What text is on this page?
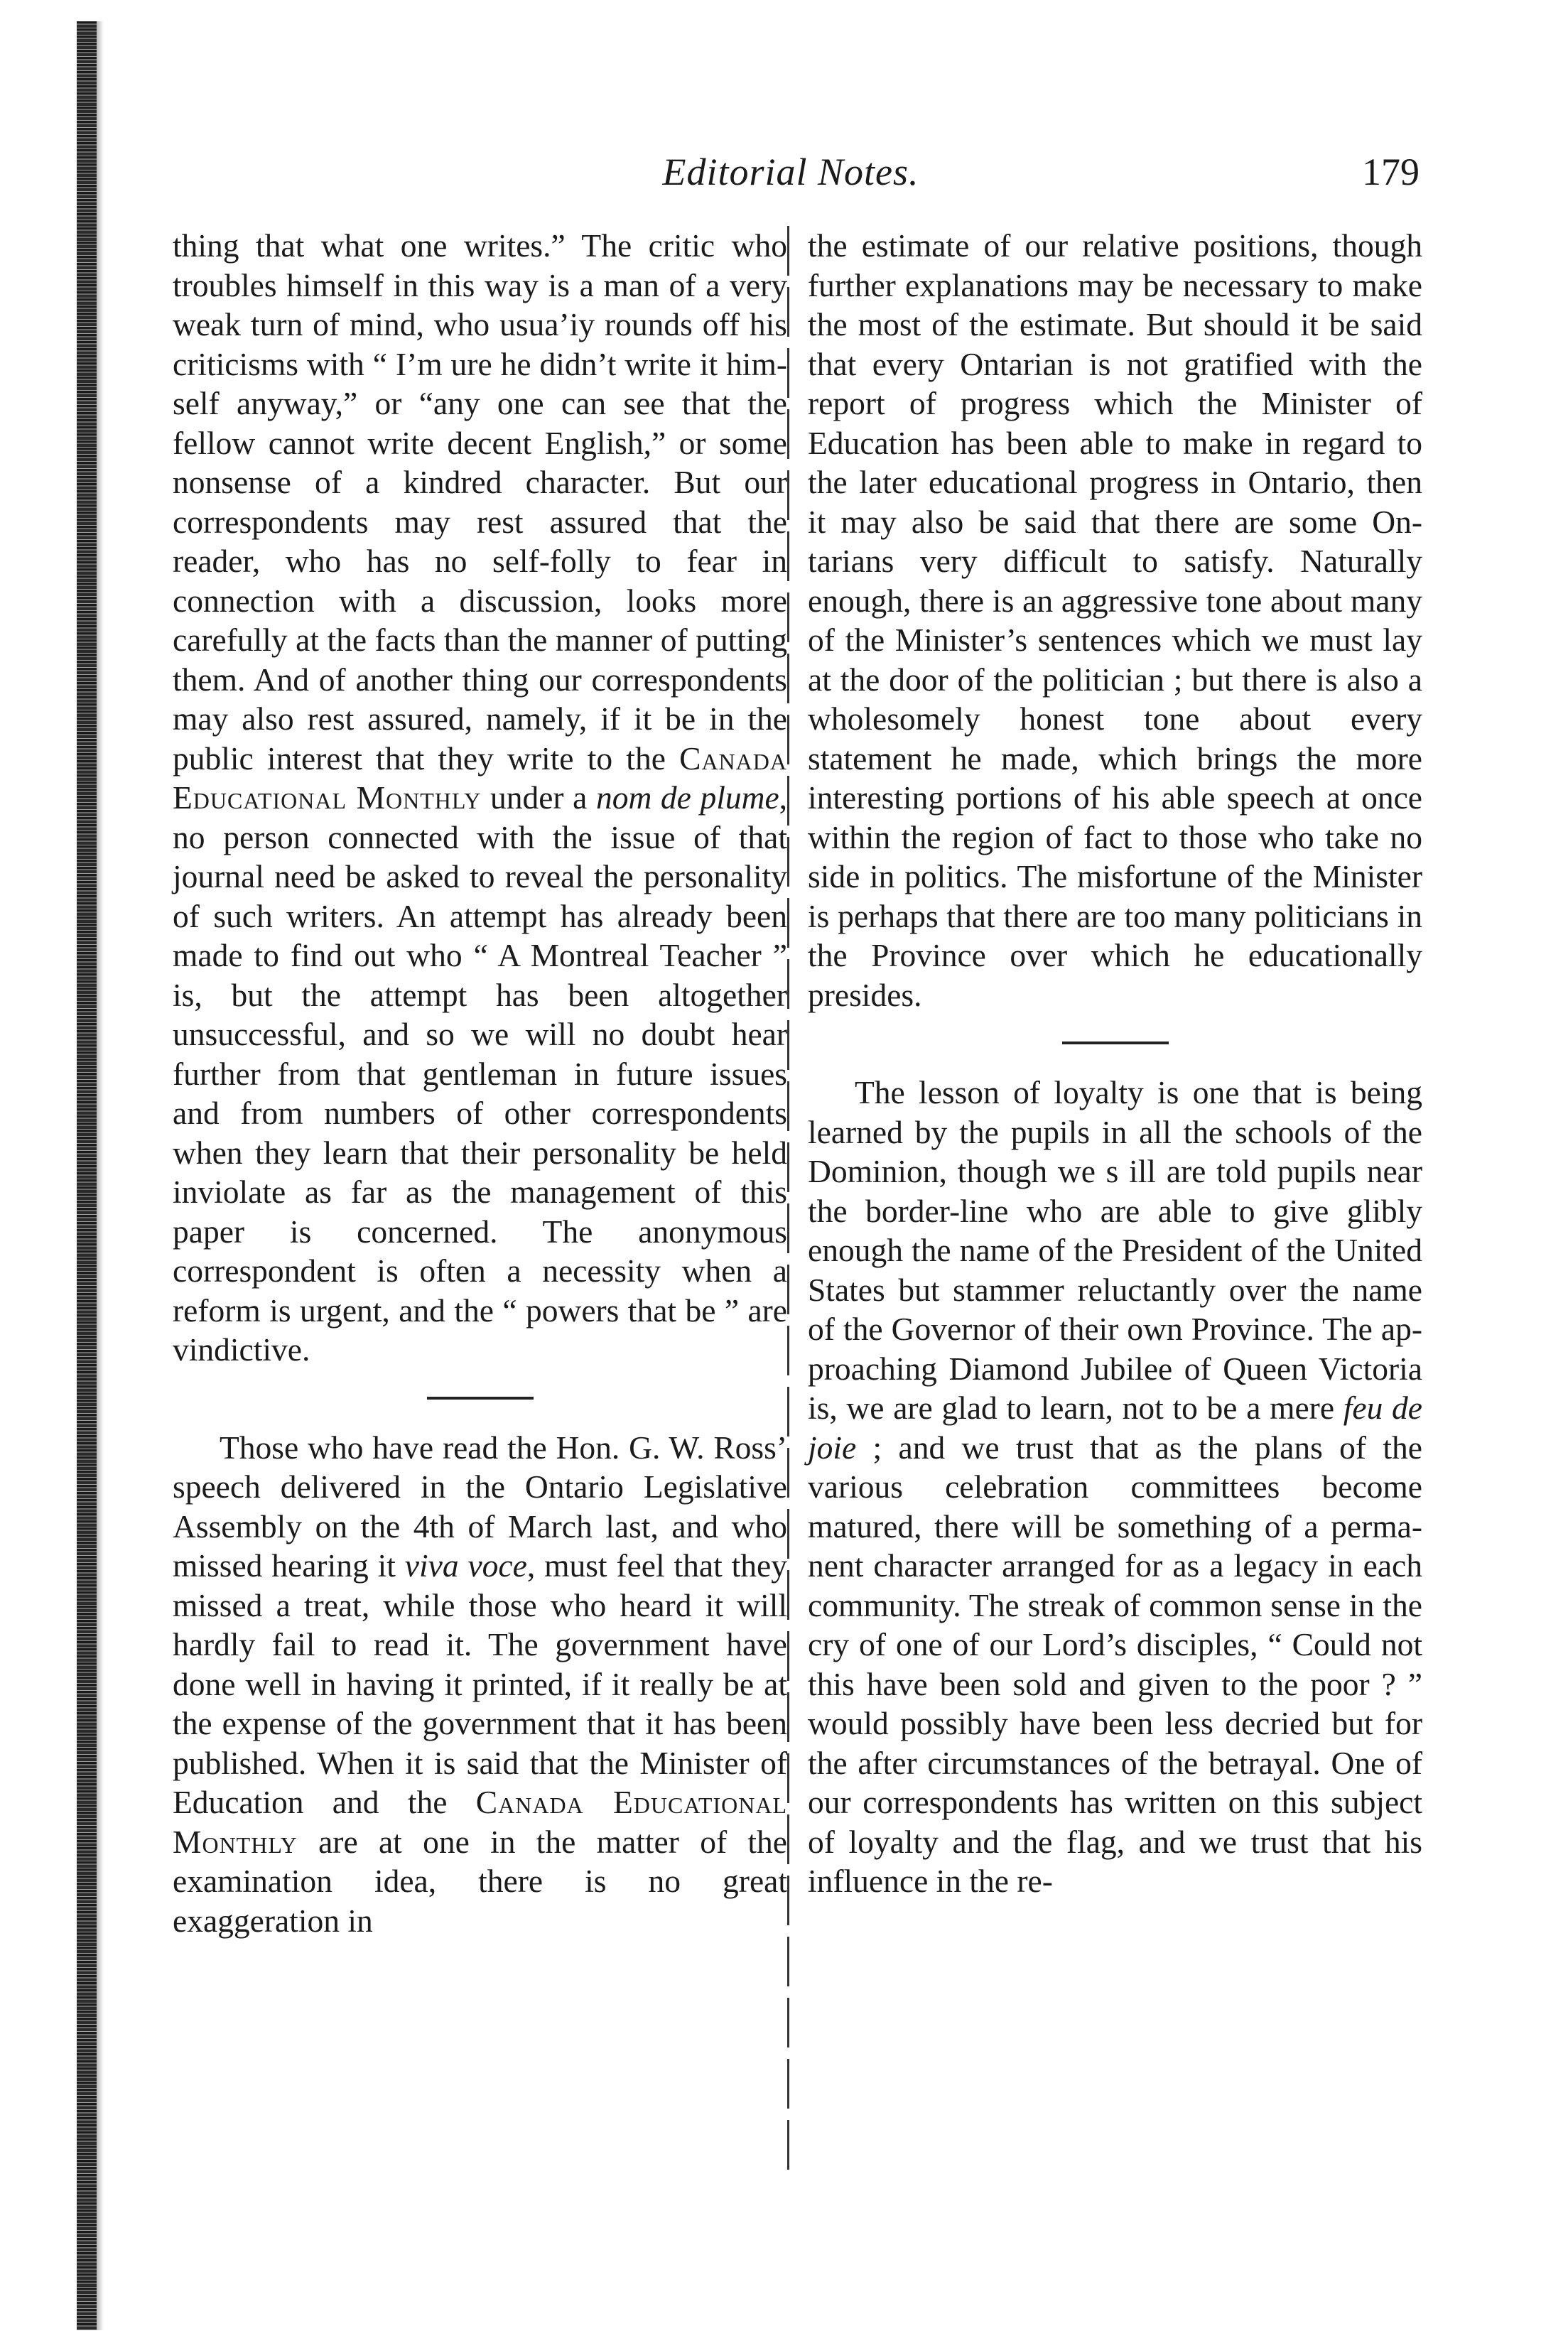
Editorial Notes.	179

thing that what one writes.” The critic who troubles himself in this way is a man of a very weak turn of mind, who usua’iy rounds off his criticisms with “ I’m ure he didn’t write it himself anyway,” or “any one can see that the fellow cannot write decent English,” or some nonsense of a kindred character. But our correspondents may rest assured that the reader, who has no self-folly to fear in connection with a discussion, looks more carefully at the facts than the manner of putting them. And of another thing our correspondents may also rest assured, namely, if it be in the public interest that they write to the Canada Educational Monthly under a nom de plume, no person connected with the issue of that journal need be asked to reveal the personality of such writers. An attempt has already been made to find out who “ A Montreal Teacher ” is, but the attempt has been altogether unsuccessful, and so we will no doubt hear further from that gentleman in future issues and from numbers of other correspondents when they learn that their personality be held inviolate as far as the management of this paper is concerned. The anonymous correspondent is often a necessity when a reform is urgent, and the “ powers that be ” are vindictive.

Those who have read the Hon. G. W. Ross’ speech delivered in the Ontario Legislative Assembly on the 4th of March last, and who missed hearing it viva voce, must feel that they missed a treat, while those who heard it will hardly fail to read it. The government have done well in having it printed, if it really be at the expense of the government that it has been published. When it is said that the Minister of Education and the Canada Educational Monthly are at one in the matter of the examination idea, there is no great exaggeration in

the estimate of our relative positions, though further explanations may be necessary to make the most of the estimate. But should it be said that every Ontarian is not gratified with the report of progress which the Minister of Education has been able to make in regard to the later educational progress in Ontario, then it may also be said that there are some Ontarians very difficult to satisfy. Naturally enough, there is an aggressive tone about many of the Minister’s sentences which we must lay at the door of the politician ; but there is also a wholesomely honest tone about every statement he made, which brings the more interesting portions of his able speech at once within the region of fact to those who take no side in politics. The misfortune of the Minister is perhaps that there are too many politicians in the Province over which he educationally presides.

The lesson of loyalty is one that is being learned by the pupils in all the schools of the Dominion, though we s ill are told pupils near the border-line who are able to give glibly enough the name of the President of the United States but stammer reluctantly over the name of the Governor of their own Province. The approaching Diamond Jubilee of Queen Victoria is, we are glad to learn, not to be a mere feu de joie ; and we trust that as the plans of the various celebration committees become matured, there will be something of a permanent character arranged for as a legacy in each community. The streak of common sense in the cry of one of our Lord’s disciples, “ Could not this have been sold and given to the poor ? ” would possibly have been less decried but for the after circumstances of the betrayal. One of our correspondents has written on this subject of loyalty and the flag, and we trust that his influence in the re-
